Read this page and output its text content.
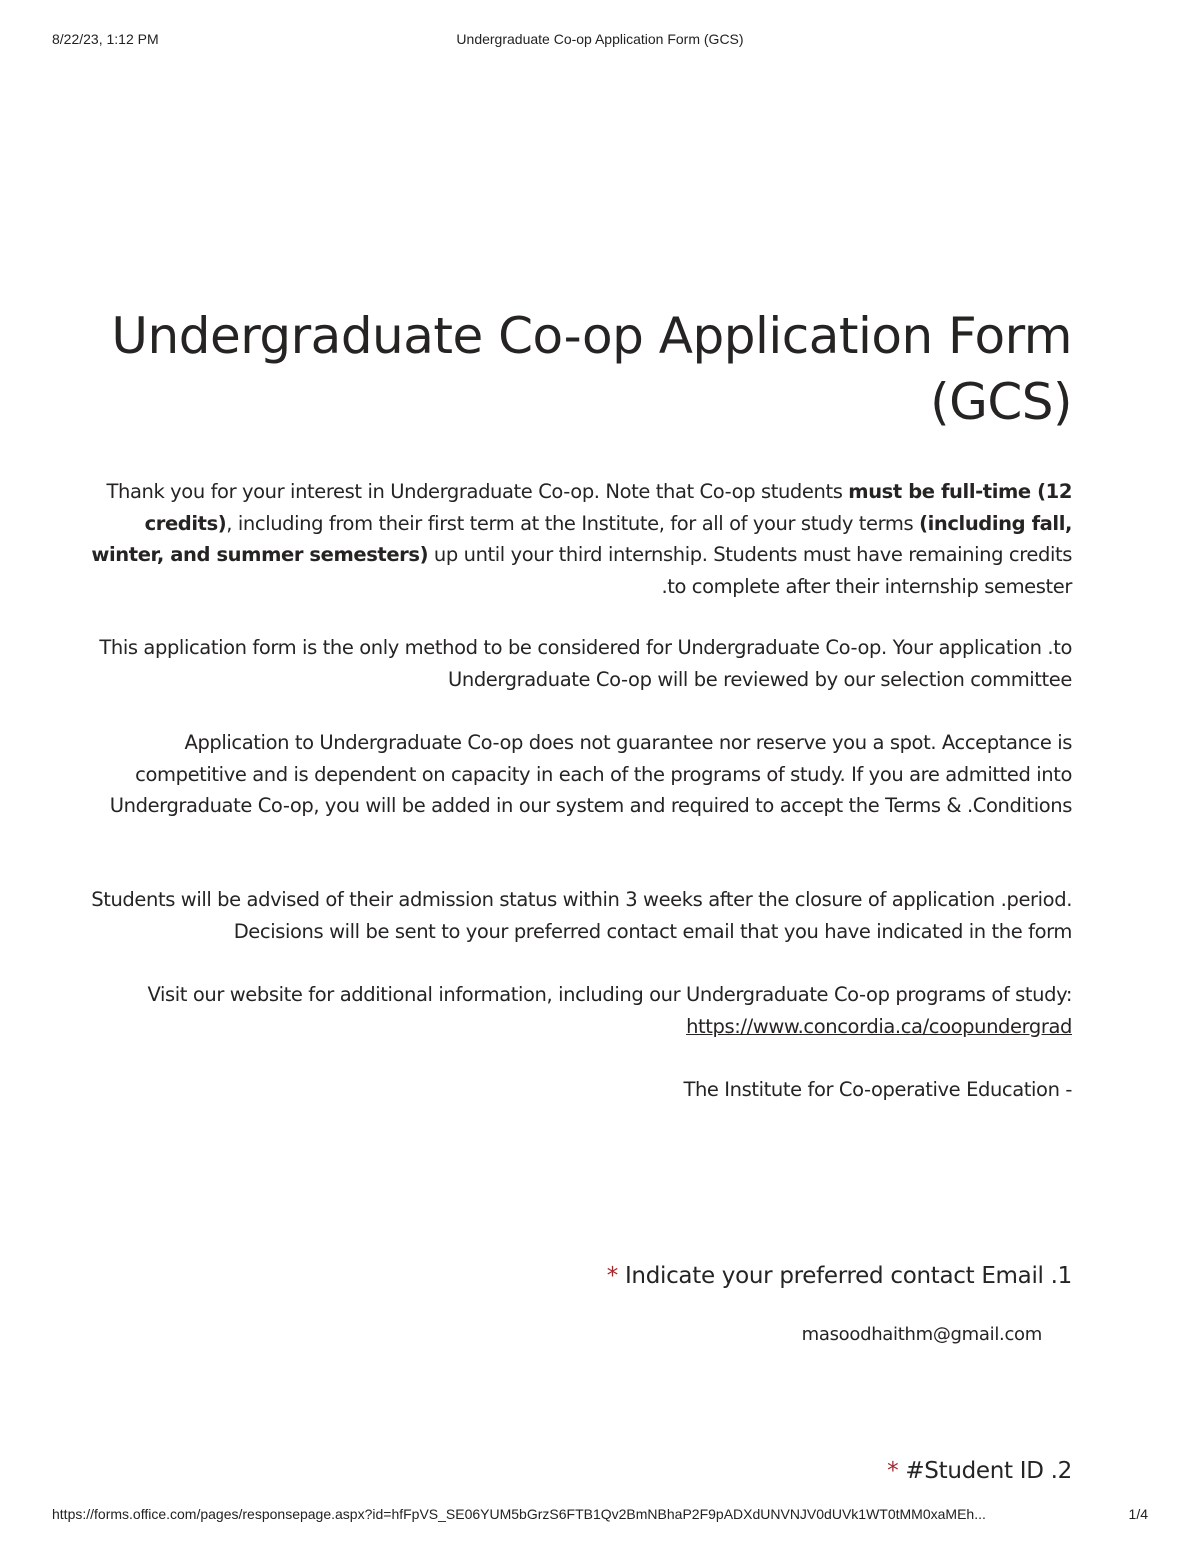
8/22/23, 1:12 PM	Undergraduate Co-op Application Form (GCS)
Undergraduate Co-op Application Form
(GCS)

Thank you for your interest in Undergraduate Co-op. Note that Co-op students must be full-time (12 credits), including from their first term at the Institute, for all of your study terms (including fall, winter, and summer semesters) up until your third internship. Students must have remaining credits .to complete after their internship semester

This application form is the only method to be considered for Undergraduate Co-op. Your application .to Undergraduate Co-op will be reviewed by our selection committee

Application to Undergraduate Co-op does not guarantee nor reserve you a spot. Acceptance is competitive and is dependent on capacity in each of the programs of study. If you are admitted into Undergraduate Co-op, you will be added in our system and required to accept the Terms & .Conditions

Students will be advised of their admission status within 3 weeks after the closure of application .period. Decisions will be sent to your preferred contact email that you have indicated in the form

Visit our website for additional information, including our Undergraduate Co-op programs of study: https://www.concordia.ca/coopundergrad

The Institute for Co-operative Education -

* Indicate your preferred contact Email .1
masoodhaithm@gmail.com
* #Student ID .2
https://forms.office.com/pages/responsepage.aspx?id=hfFpVS_SE06YUM5bGrzS6FTB1Qv2BmNBhaP2F9pADXdUNVNJV0dUVk1WT0tMM0xaMEh...	1/4
